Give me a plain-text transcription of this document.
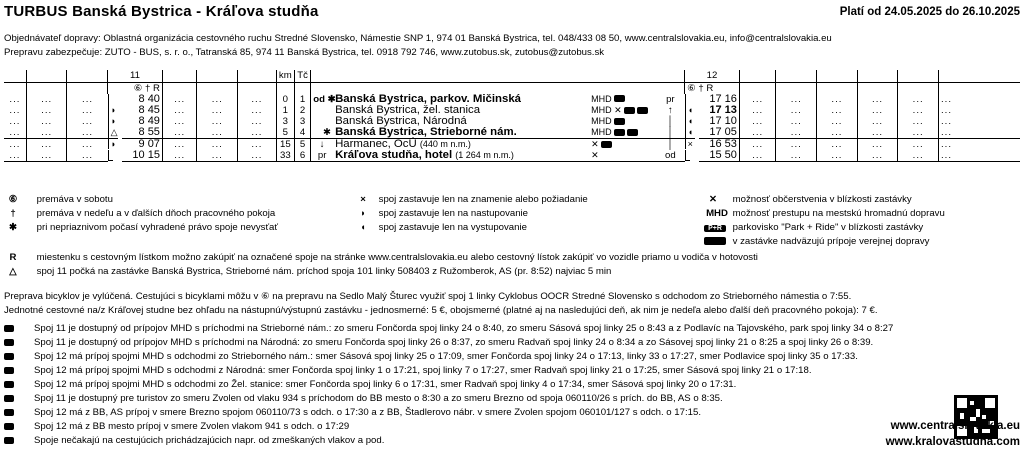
TURBUS Banská Bystrica - Kráľova studňa	Platí od 24.05.2025 do 26.10.2025
Objednávateľ dopravy: Oblastná organizácia cestovného ruchu Stredné Slovensko, Námestie SNP 1, 974 01 Banská Bystrica, tel. 048/433 08 50, www.centralslovakia.eu, info@centralslovakia.eu
Prepravu zabezpečuje: ZUTO - BUS, s. r. o., Tatranská 85, 974 11 Banská Bystrica, tel. 0918 792 746, www.zutobus.sk, zutobus@zutobus.sk
			11					km	Tč					12							
			⑥ † R											⑥ † R							
...	...	...	8 40	...	...	...	0	1	od ✱	Banská Bystrica, parkov. Mičinská	MHD	pr	17 16	...	...	...	...	...	...
...	...	...	◗ 8 45	...	...	...	1	2		Banská Bystrica, žel. stanica	MHD ✕	↑	◖ 17 13	...	...	...	...	...	...
...	...	...	◗ 8 49	...	...	...	3	3		Banská Bystrica, Národná	MHD	│	◖ 17 10	...	...	...	...	...	...
...	...	...	△ 8 55	...	...	...	5	4	✱	Banská Bystrica, Strieborné nám.	MHD	│	◖ 17 05	...	...	...	...	...	...
...	...	...	◗ 9 07	...	...	...	15	5	↓	Harmanec, OcÚ (440 m n.m.)	✕	│	× 16 53	...	...	...	...	...	...
...	...	...	10 15	...	...	...	33	6	pr	Kráľova studňa, hotel (1 264 m n.m.)	✕	od	15 50	...	...	...	...	...	...
⑥ premáva v sobotu
† premáva v nedeľu a v ďalších dňoch pracovného pokoja
✱ pri nepriaznivom počasí vyhradené právo spoje nevysťať
× spoj zastavuje len na znamenie alebo požiadanie
◗ spoj zastavuje len na nastupovanie
◖ spoj zastavuje len na vystupovanie
✕ možnosť občerstvenia v blízkosti zastávky
MHD možnosť prestupu na mestskú hromadnú dopravu
P+R parkovisko "Park + Ride" v blízkosti zastávky
v zastávke nadväzujú prípoje verejnej dopravy
R miestenku s cestovným lístkom možno zakúpiť na označené spoje na stránke www.centralslovakia.eu alebo cestovný lístok zakúpiť vo vozidle priamo u vodiča v hotovosti
△ spoj 11 počká na zastávke Banská Bystrica, Strieborné nám. príchod spoja 101 linky 508403 z Ružomberok, AS (pr. 8:52) najviac 5 min
Preprava bicyklov je vylúčená. Cestujúci s bicyklami môžu v ⑥ na prepravu na Sedlo Malý Šturec využiť spoj 1 linky Cyklobus OOCR Stredné Slovensko s odchodom zo Strieborného námestia o 7:55.
Jednotné cestovné na/z Kráľovej studne bez ohľadu na nástupnú/výstupnú zastávku - jednosmerné: 5 €, obojsmerné (platné aj na nasledujúci deň, ak nim je nedeľa alebo ďalší deň pracovného pokoja): 7 €.
Spoj 11 je dostupný od prípojov MHD s príchodmi na Strieborné nám.: zo smeru Fončorda spoj linky 24 o 8:40, zo smeru Sásová spoj linky 25 o 8:43 a z Podlavíc na Tajovského, park spoj linky 34 o 8:27
Spoj 11 je dostupný od prípojov MHD s príchodmi na Národná: zo smeru Fončorda spoj linky 26 o 8:37, zo smeru Radvaň spoj linky 24 o 8:34 a zo Sásovej spoj linky 21 o 8:25 a spoj linky 26 o 8:39.
Spoj 12 má prípoj spojmi MHD s odchodmi zo Strieborného nám.: smer Sásová spoj linky 25 o 17:09, smer Fončorda spoj linky 24 o 17:13, linky 33 o 17:27, smer Podlavice spoj linky 35 o 17:33.
Spoj 12 má prípoj spojmi MHD s odchodmi z Národná: smer Fončorda spoj linky 1 o 17:21, spoj linky 7 o 17:27, smer Radvaň spoj linky 21 o 17:25, smer Sásová spoj linky 21 o 17:18.
Spoj 12 má prípoj spojmi MHD s odchodmi zo Žel. stanice: smer Fončorda spoj linky 6 o 17:31, smer Radvaň spoj linky 4 o 17:34, smer Sásová spoj linky 20 o 17:31.
Spoj 11 je dostupný pre turistov zo smeru Zvolen od vlaku 934 s príchodom do BB mesto o 8:30 a zo smeru Brezno od spoja 060110/26 s prích. do BB, AS o 8:35.
Spoj 12 má z BB, AS prípoj v smere Brezno spojom 060110/73 s odch. o 17:30 a z BB, Štadlerovo nábr. v smere Zvolen spojom 060101/127 s odch. o 17:15.
Spoj 12 má z BB mesto prípoj v smere Zvolen vlakom 941 s odch. o 17:29
Spoje nečakajú na cestujúcich prichádzajúcich napr. od zmeškaných vlakov a pod.
www.centralslovakia.eu
www.kralovastudna.com
